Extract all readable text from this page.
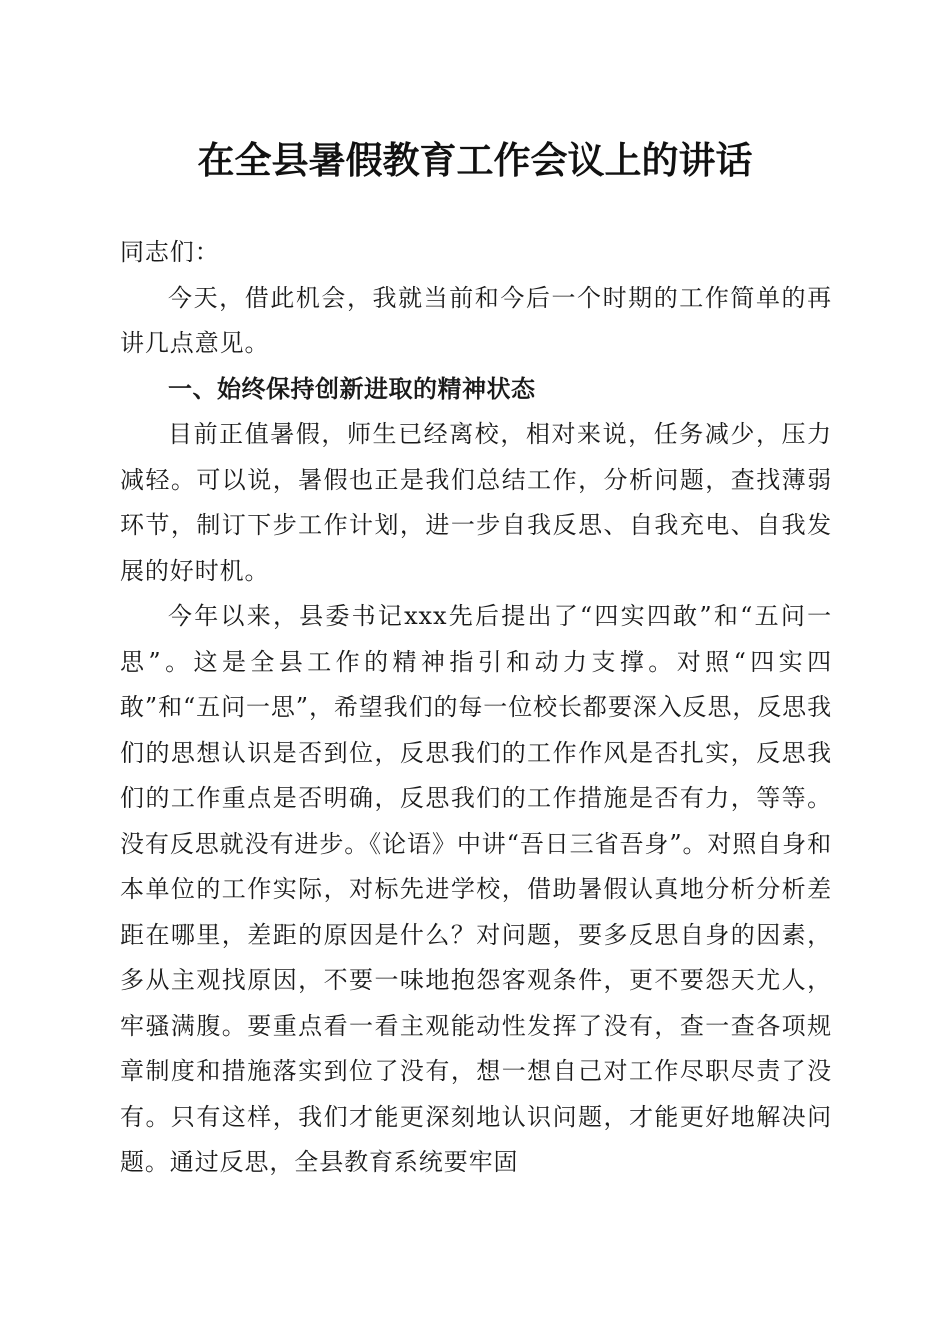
在全县暑假教育工作会议上的讲话

同志们：

今天，借此机会，我就当前和今后一个时期的工作简单的再讲几点意见。

一、始终保持创新进取的精神状态

目前正值暑假，师生已经离校，相对来说，任务减少，压力减轻。可以说，暑假也正是我们总结工作，分析问题，查找薄弱环节，制订下步工作计划，进一步自我反思、自我充电、自我发展的好时机。

今年以来，县委书记xxx先后提出了“四实四敢”和“五问一思”。这是全县工作的精神指引和动力支撑。对照“四实四敢”和“五问一思”，希望我们的每一位校长都要深入反思，反思我们的思想认识是否到位，反思我们的工作作风是否扎实，反思我们的工作重点是否明确，反思我们的工作措施是否有力，等等。没有反思就没有进步。《论语》中讲“吾日三省吾身”。对照自身和本单位的工作实际，对标先进学校，借助暑假认真地分析分析差距在哪里，差距的原因是什么？对问题，要多反思自身的因素，多从主观找原因，不要一味地抱怨客观条件，更不要怨天尤人，牢骚满腹。要重点看一看主观能动性发挥了没有，查一查各项规章制度和措施落实到位了没有，想一想自己对工作尽职尽责了没有。只有这样，我们才能更深刻地认识问题，才能更好地解决问题。通过反思，全县教育系统要牢固
